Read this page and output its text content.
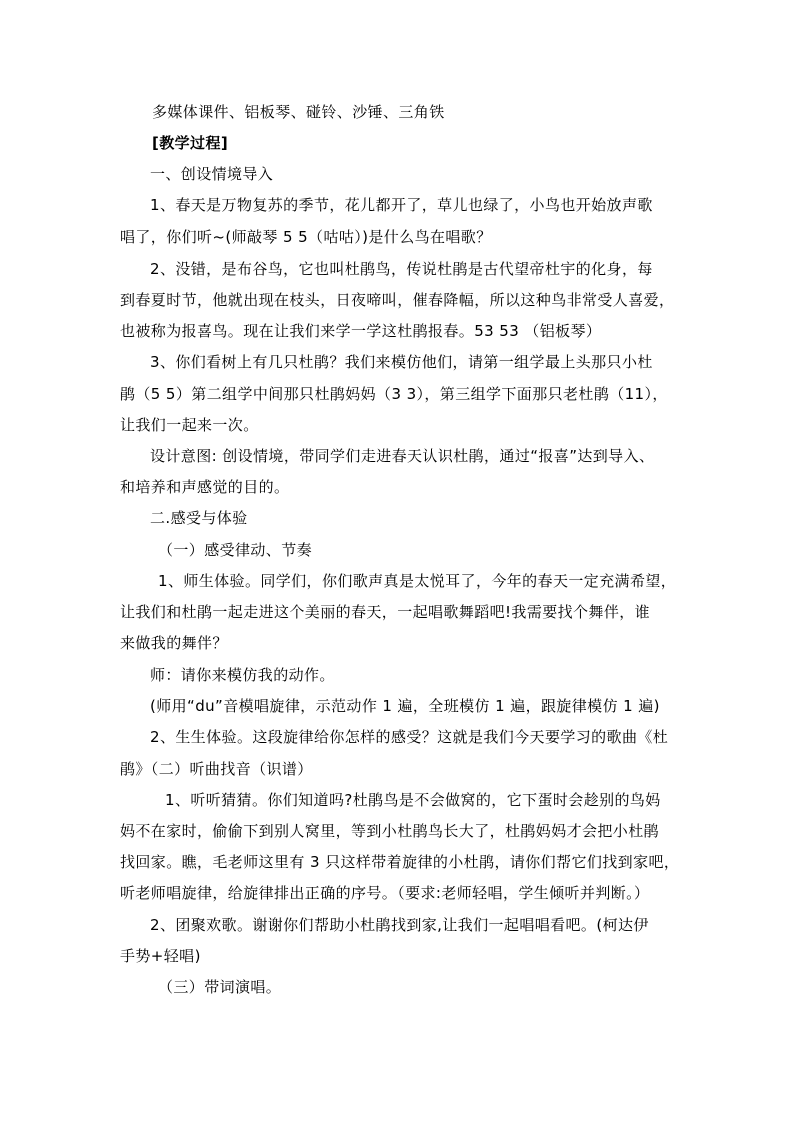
多媒体课件、铝板琴、碰铃、沙锤、三角铁
[教学过程]
一、创设情境导入
1、春天是万物复苏的季节，花儿都开了，草儿也绿了，小鸟也开始放声歌
唱了，你们听~(师敲琴 5 5（咕咕）)是什么鸟在唱歌？
2、没错，是布谷鸟，它也叫杜鹃鸟，传说杜鹃是古代望帝杜宇的化身，每
到春夏时节，他就出现在枝头，日夜啼叫，催春降幅，所以这种鸟非常受人喜爱，
也被称为报喜鸟。现在让我们来学一学这杜鹃报春。53 53 （铝板琴）
3、你们看树上有几只杜鹃？我们来模仿他们，请第一组学最上头那只小杜
鹃（5 5）第二组学中间那只杜鹃妈妈（3 3），第三组学下面那只老杜鹃（11），
让我们一起来一次。
设计意图: 创设情境，带同学们走进春天认识杜鹃，通过“报喜”达到导入、
和培养和声感觉的目的。
二.感受与体验
（一）感受律动、节奏
1、师生体验。同学们，你们歌声真是太悦耳了，今年的春天一定充满希望，
让我们和杜鹃一起走进这个美丽的春天，一起唱歌舞蹈吧!我需要找个舞伴，谁
来做我的舞伴？
师：请你来模仿我的动作。
(师用“du”音模唱旋律，示范动作 1 遍，全班模仿 1 遍，跟旋律模仿 1 遍)
2、生生体验。这段旋律给你怎样的感受？这就是我们今天要学习的歌曲《杜
鹃》（二）听曲找音（识谱）
1、听听猜猜。你们知道吗?杜鹃鸟是不会做窝的，它下蛋时会趁别的鸟妈
妈不在家时，偷偷下到别人窝里，等到小杜鹃鸟长大了，杜鹃妈妈才会把小杜鹃
找回家。瞧，毛老师这里有 3 只这样带着旋律的小杜鹃，请你们帮它们找到家吧，
听老师唱旋律，给旋律排出正确的序号。（要求:老师轻唱，学生倾听并判断。）
2、团聚欢歌。谢谢你们帮助小杜鹃找到家,让我们一起唱唱看吧。(柯达伊
手势+轻唱)
（三）带词演唱。
